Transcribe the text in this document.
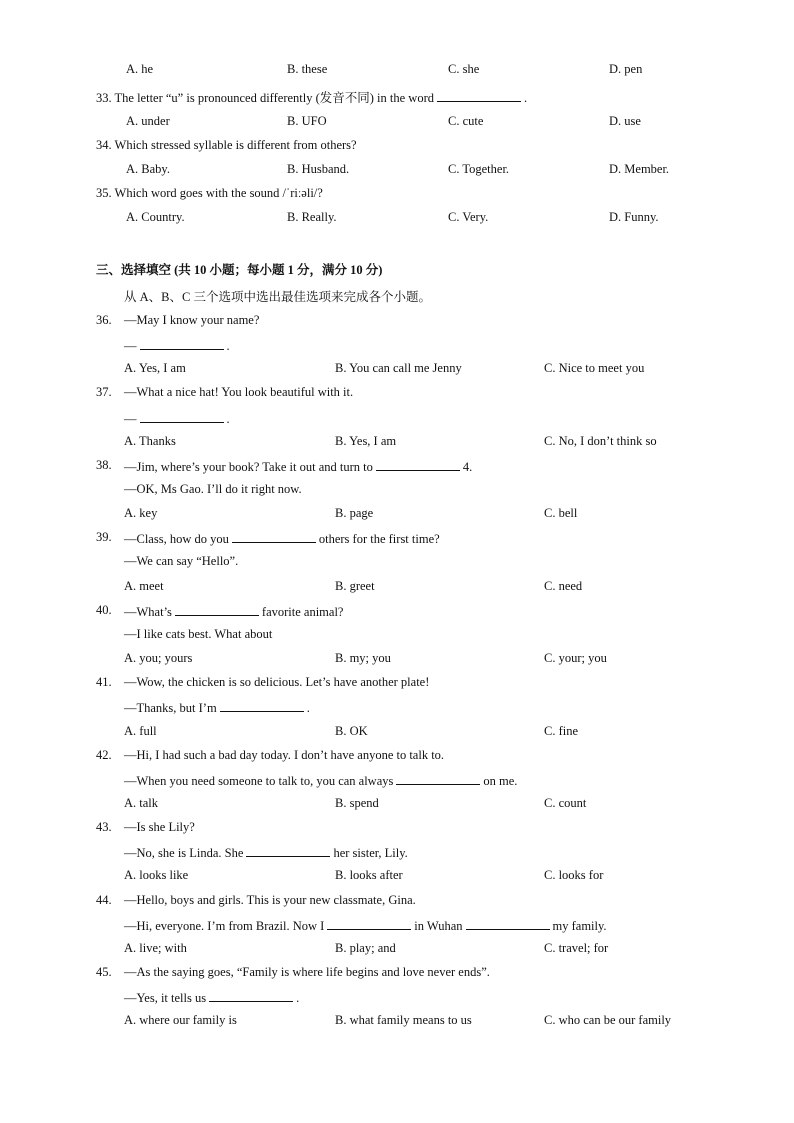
A. he	B. these	C. she	D. pen
33. The letter “u” is pronounced differently (发音不同) in the word	.
A. under	B. UFO	C. cute	D. use
34. Which stressed syllable is different from others?
A. Baby.	B. Husband.	C. Together.	D. Member.
35. Which word goes with the sound /ˈriːəli/?
A. Country.	B. Really.	C. Very.	D. Funny.
三、选择填空 (共 10 小题；每小题 1 分，满分 10 分)
从 A、B、C 三个选项中选出最佳选项来完成各个小题。
36. —May I know your name?
—	.
A. Yes, I am	B. You can call me Jenny	C. Nice to meet you
37. —What a nice hat! You look beautiful with it.
—	.
A. Thanks	B. Yes, I am	C. No, I don’t think so
38. —Jim, where’s your book? Take it out and turn to	4.
—OK, Ms Gao. I’ll do it right now.
A. key	B. page	C. bell
39. —Class, how do you	others for the first time?
—We can say “Hello”.
A. meet	B. greet	C. need
40. —What’s	favorite animal?
—I like cats best. What about
A. you; yours	B. my; you	C. your; you
41. —Wow, the chicken is so delicious. Let’s have another plate!
—Thanks, but I’m	.
A. full	B. OK	C. fine
42. —Hi, I had such a bad day today. I don’t have anyone to talk to.
—When you need someone to talk to, you can always	on me.
A. talk	B. spend	C. count
43. —Is she Lily?
—No, she is Linda. She	her sister, Lily.
A. looks like	B. looks after	C. looks for
44. —Hello, boys and girls. This is your new classmate, Gina.
—Hi, everyone. I’m from Brazil. Now I	in Wuhan	my family.
A. live; with	B. play; and	C. travel; for
45. —As the saying goes, “Family is where life begins and love never ends”.
—Yes, it tells us	.
A. where our family is	B. what family means to us	C. who can be our family
